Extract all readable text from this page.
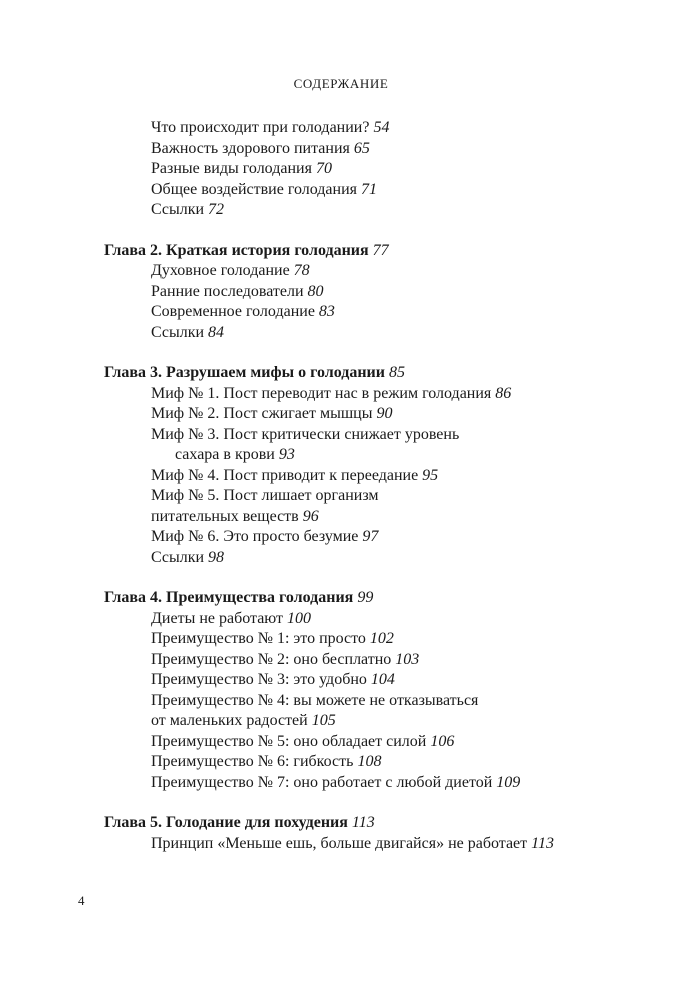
СОДЕРЖАНИЕ
Что происходит при голодании? 54
Важность здорового питания 65
Разные виды голодания 70
Общее воздействие голодания 71
Ссылки 72
Глава 2. Краткая история голодания 77
Духовное голодание 78
Ранние последователи 80
Современное голодание 83
Ссылки 84
Глава 3. Разрушаем мифы о голодании 85
Миф № 1. Пост переводит нас в режим голодания 86
Миф № 2. Пост сжигает мышцы 90
Миф № 3. Пост критически снижает уровень
сахара в крови 93
Миф № 4. Пост приводит к переедание 95
Миф № 5. Пост лишает организм
питательных веществ 96
Миф № 6. Это просто безумие 97
Ссылки 98
Глава 4. Преимущества голодания 99
Диеты не работают 100
Преимущество № 1: это просто 102
Преимущество № 2: оно бесплатно 103
Преимущество № 3: это удобно 104
Преимущество № 4: вы можете не отказываться
от маленьких радостей 105
Преимущество № 5: оно обладает силой 106
Преимущество № 6: гибкость 108
Преимущество № 7: оно работает с любой диетой 109
Глава 5. Голодание для похудения 113
Принцип «Меньше ешь, больше двигайся» не работает 113
4
